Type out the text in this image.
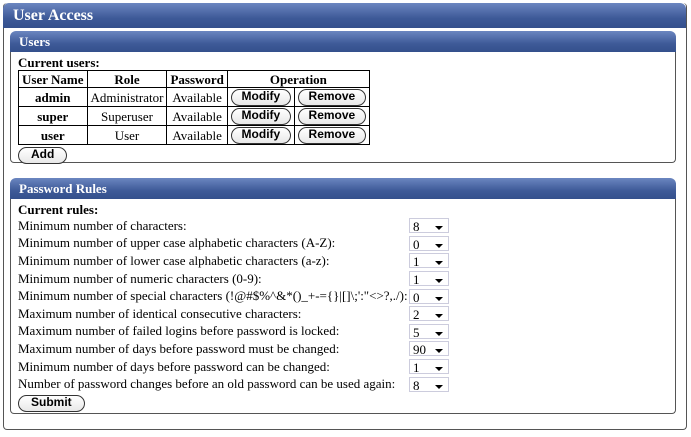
User Access
Users
Current users:
User Name	Role	Password	Operation	
admin	Administrator	Available	Modify	Remove
super	Superuser	Available	Modify	Remove
user	User	Available	Modify	Remove
Add
Password Rules
Current rules:
Minimum number of characters:	8
Minimum number of upper case alphabetic characters (A-Z):	0
Minimum number of lower case alphabetic characters (a-z):	1
Minimum number of numeric characters (0-9):	1
Minimum number of special characters (!@#$%^&*()_+-={}|[]\;':"<>?,./): 0
Maximum number of identical consecutive characters:	2
Maximum number of failed logins before password is locked:	5
Maximum number of days before password must be changed:	90
Minimum number of days before password can be changed:	1
Number of password changes before an old password can be used again:	8
Submit
